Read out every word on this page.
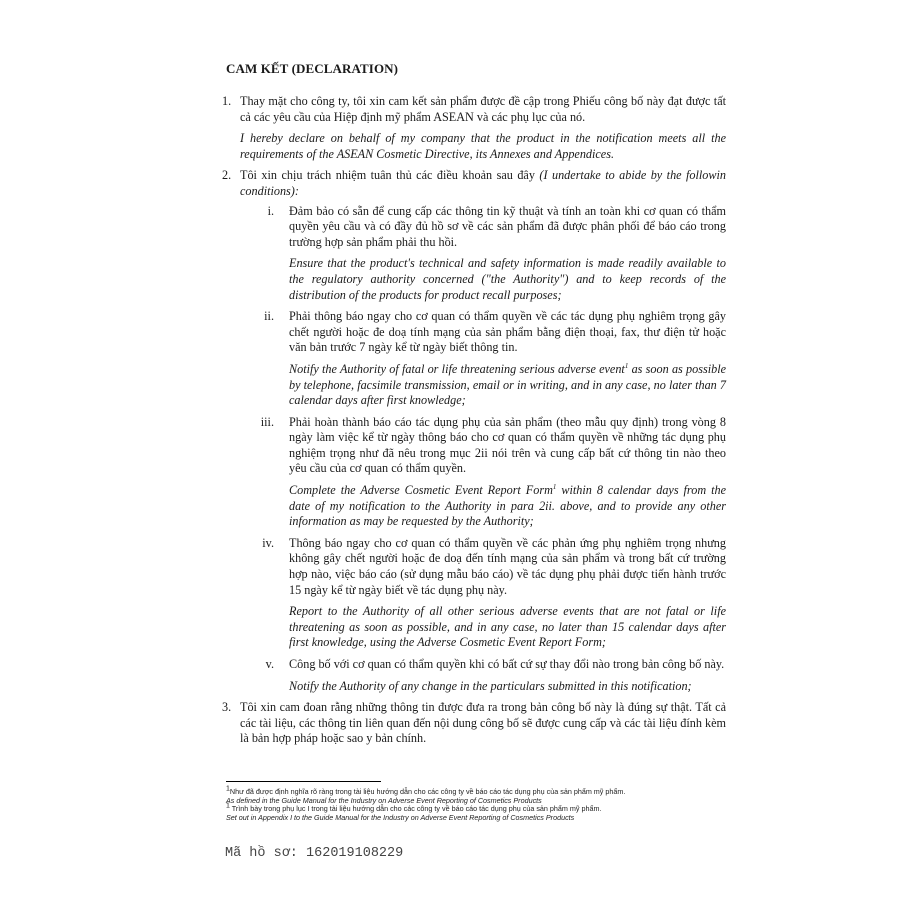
CAM KẾT (DECLARATION)
1. Thay mặt cho công ty, tôi xin cam kết sản phẩm được đề cập trong Phiếu công bố này đạt được tất cả các yêu cầu của Hiệp định mỹ phẩm ASEAN và các phụ lục của nó.

I hereby declare on behalf of my company that the product in the notification meets all the requirements of the ASEAN Cosmetic Directive, its Annexes and Appendices.

2. Tôi xin chịu trách nhiệm tuân thủ các điều khoản sau đây (I undertake to abide by the followin conditions):

i. Đảm bảo có sẵn để cung cấp các thông tin kỹ thuật và tính an toàn khi cơ quan có thẩm quyền yêu cầu và có đầy đủ hồ sơ về các sản phẩm đã được phân phối để báo cáo trong trường hợp sản phẩm phải thu hồi.

Ensure that the product's technical and safety information is made readily available to the regulatory authority concerned ("the Authority") and to keep records of the distribution of the products for product recall purposes;

ii. Phải thông báo ngay cho cơ quan có thẩm quyền về các tác dụng phụ nghiêm trọng gây chết người hoặc đe doạ tính mạng của sản phẩm bằng điện thoại, fax, thư điện tử hoặc văn bản trước 7 ngày kể từ ngày biết thông tin.

Notify the Authority of fatal or life threatening serious adverse event$^1$ as soon as possible by telephone, facsimile transmission, email or in writing, and in any case, no later than 7 calendar days after first knowledge;

iii. Phải hoàn thành báo cáo tác dụng phụ của sản phẩm (theo mẫu quy định) trong vòng 8 ngày làm việc kể từ ngày thông báo cho cơ quan có thẩm quyền về những tác dụng phụ nghiệm trọng như đã nêu trong mục 2ii nói trên và cung cấp bất cứ thông tin nào theo yêu cầu của cơ quan có thẩm quyền.

Complete the Adverse Cosmetic Event Report Form$^1$ within 8 calendar days from the date of my notification to the Authority in para 2ii. above, and to provide any other information as may be requested by the Authority;

iv. Thông báo ngay cho cơ quan có thẩm quyền về các phản ứng phụ nghiêm trọng nhưng không gây chết người hoặc đe doạ đến tính mạng của sản phẩm và trong bất cứ trường hợp nào, việc báo cáo (sử dụng mẫu báo cáo) về tác dụng phụ phải được tiến hành trước 15 ngày kể từ ngày biết về tác dụng phụ này.

Report to the Authority of all other serious adverse events that are not fatal or life threatening as soon as possible, and in any case, no later than 15 calendar days after first knowledge, using the Adverse Cosmetic Event Report Form;

v. Công bố với cơ quan có thẩm quyền khi có bất cứ sự thay đổi nào trong bản công bố này.

Notify the Authority of any change in the particulars submitted in this notification;

3. Tôi xin cam đoan rằng những thông tin được đưa ra trong bản công bố này là đúng sự thật. Tất cả các tài liệu, các thông tin liên quan đến nội dung công bố sẽ được cung cấp và các tài liệu đính kèm là bản hợp pháp hoặc sao y bản chính.

$^1$Như đã được định nghĩa rõ ràng trong tài liệu hướng dẫn cho các công ty về báo cáo tác dụng phụ của sản phẩm mỹ phẩm.
As defined in the Guide Manual for the Industry on Adverse Event Reporting of Cosmetics Products
$^1$ Trình bày trong phụ lục I trong tài liệu hướng dẫn cho các công ty về báo cáo tác dụng phụ của sản phẩm mỹ phẩm.
Set out in Appendix I to the Guide Manual for the Industry on Adverse Event Reporting of Cosmetics Products
Mã hồ sơ: 162019108229
